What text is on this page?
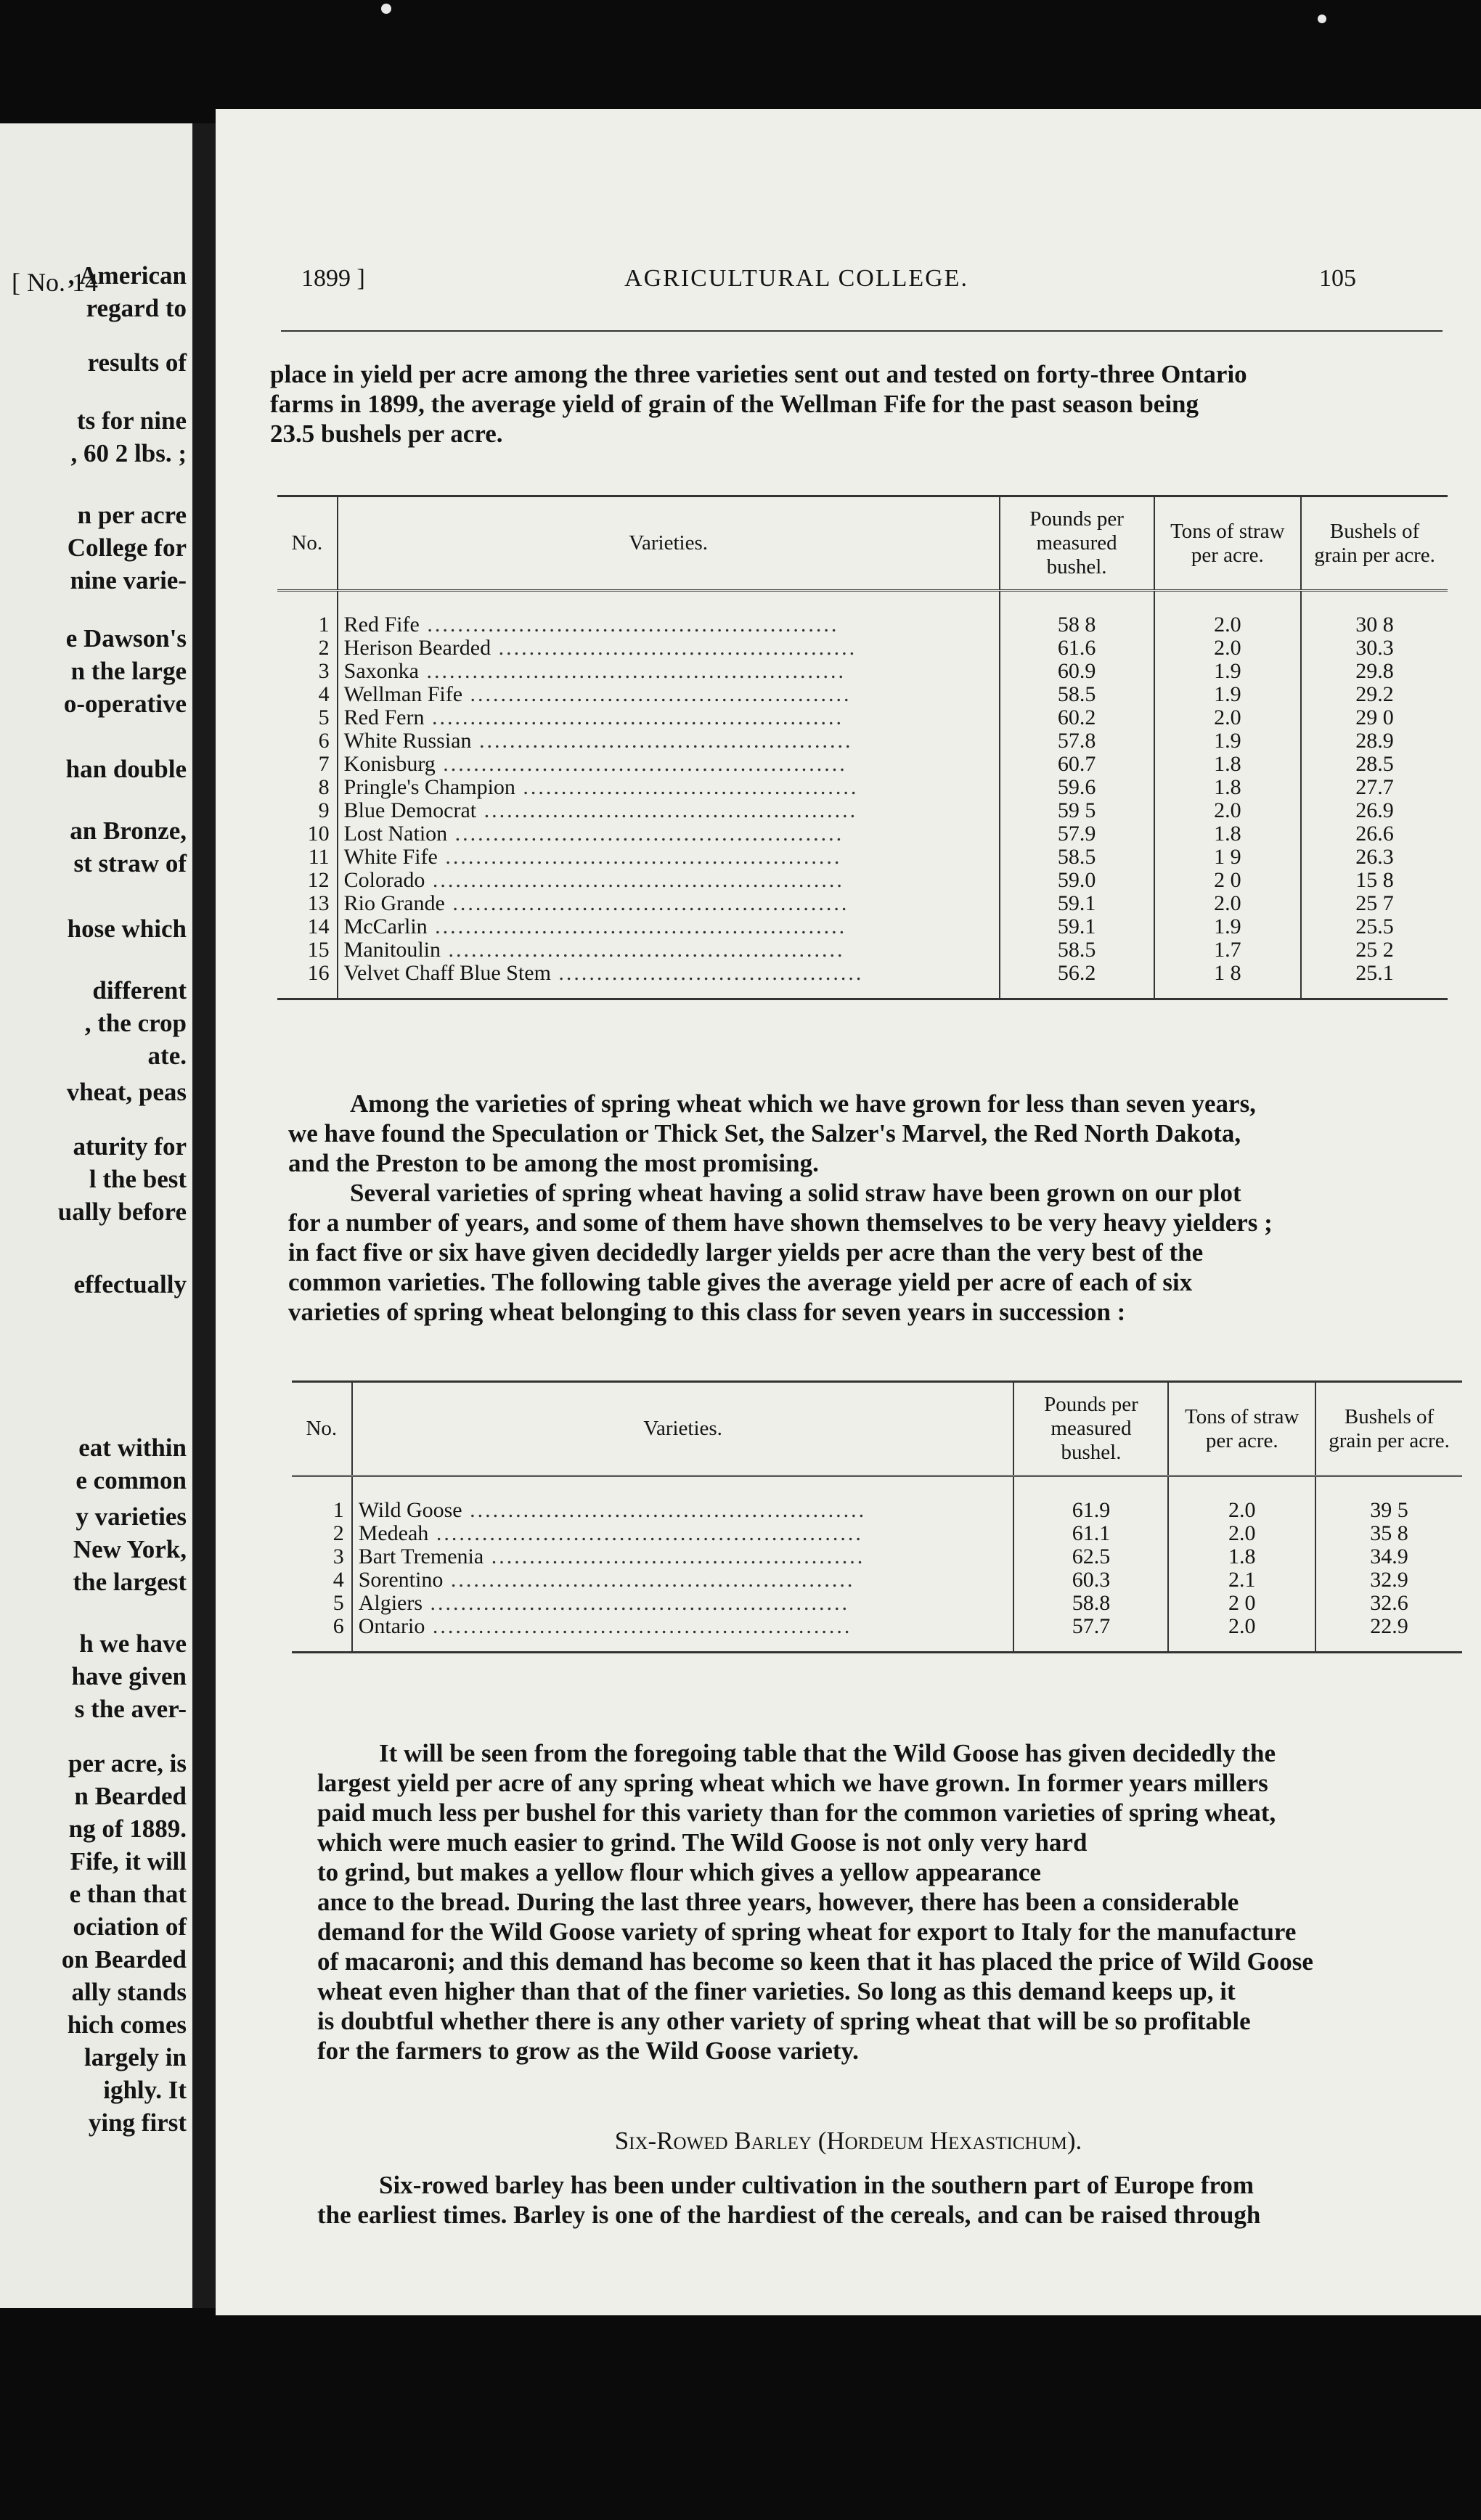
[ No. 14
, American
regard to
results of
ts for nine
, 60 2 lbs. ;
n per acre
College for
nine varie-
e Dawson's
n the large
o-operative
han double
an Bronze,
st straw of
hose which
different
, the crop
ate.
vheat, peas
aturity for
l the best
ually before
effectually
eat within
e common
y varieties
New York,
the largest
h we have
have given
s the aver-
per acre, is
n Bearded
ng of 1889.
Fife, it will
e than that
ociation of
on Bearded
ally stands
hich comes
largely in
ighly. It
ying first
1899 ]	AGRICULTURAL COLLEGE.	105
place in yield per acre among the three varieties sent out and tested on forty-three Ontario
farms in 1899, the average yield of grain of the Wellman Fife for the past season being
23.5 bushels per acre.
No.	Varieties.	Pounds per measured bushel.	Tons of straw per acre.	Bushels of grain per acre.
1	Red Fife ......................................................	58 8	2.0	30 8
2	Herison Bearded ...............................................	61.6	2.0	30.3
3	Saxonka .......................................................	60.9	1.9	29.8
4	Wellman Fife ..................................................	58.5	1.9	29.2
5	Red Fern ......................................................	60.2	2.0	29 0
6	White Russian .................................................	57.8	1.9	28.9
7	Konisburg .....................................................	60.7	1.8	28.5
8	Pringle's Champion ............................................	59.6	1.8	27.7
9	Blue Democrat .................................................	59 5	2.0	26.9
10	Lost Nation ...................................................	57.9	1.8	26.6
11	White Fife ....................................................	58.5	1 9	26.3
12	Colorado ......................................................	59.0	2 0	15 8
13	Rio Grande ....................................................	59.1	2.0	25 7
14	McCarlin ......................................................	59.1	1.9	25.5
15	Manitoulin ....................................................	58.5	1.7	25 2
16	Velvet Chaff Blue Stem ........................................	56.2	1 8	25.1
Among the varieties of spring wheat which we have grown for less than seven years,
we have found the Speculation or Thick Set, the Salzer's Marvel, the Red North Dakota,
and the Preston to be among the most promising.
Several varieties of spring wheat having a solid straw have been grown on our plot
for a number of years, and some of them have shown themselves to be very heavy yielders ;
in fact five or six have given decidedly larger yields per acre than the very best of the
common varieties. The following table gives the average yield per acre of each of six
varieties of spring wheat belonging to this class for seven years in succession :
No.	Varieties.	Pounds per measured bushel.	Tons of straw per acre.	Bushels of grain per acre.
1	Wild Goose ....................................................	61.9	2.0	39 5
2	Medeah ........................................................	61.1	2.0	35 8
3	Bart Tremenia .................................................	62.5	1.8	34.9
4	Sorentino .....................................................	60.3	2.1	32.9
5	Algiers .......................................................	58.8	2 0	32.6
6	Ontario .......................................................	57.7	2.0	22.9
It will be seen from the foregoing table that the Wild Goose has given decidedly the
largest yield per acre of any spring wheat which we have grown. In former years millers
paid much less per bushel for this variety than for the common varieties of spring wheat,
which were much easier to grind. The Wild Goose is not only very hard
to grind, but makes a yellow flour which gives a yellow appearance
ance to the bread. During the last three years, however, there has been a considerable
demand for the Wild Goose variety of spring wheat for export to Italy for the manufacture
of macaroni; and this demand has become so keen that it has placed the price of Wild Goose
wheat even higher than that of the finer varieties. So long as this demand keeps up, it
is doubtful whether there is any other variety of spring wheat that will be so profitable
for the farmers to grow as the Wild Goose variety.
Six-Rowed Barley (Hordeum Hexastichum).
Six-rowed barley has been under cultivation in the southern part of Europe from
the earliest times. Barley is one of the hardiest of the cereals, and can be raised through
